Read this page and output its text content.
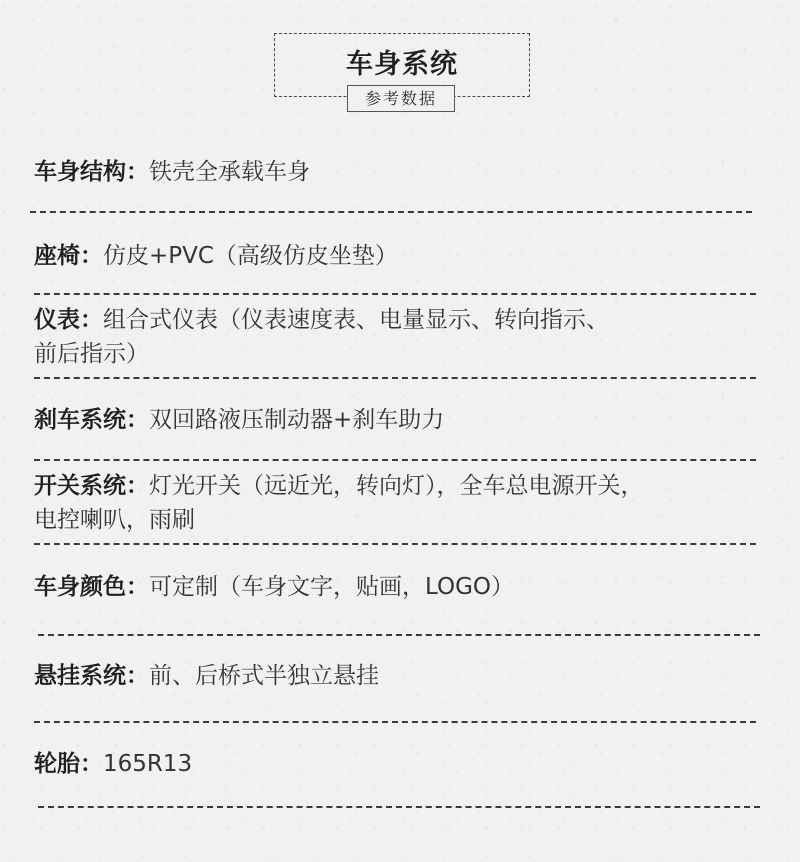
车身系统
参考数据
车身结构：铁壳全承载车身
座椅：仿皮+PVC（高级仿皮坐垫）
仪表：组合式仪表（仪表速度表、电量显示、转向指示、
前后指示）
刹车系统：双回路液压制动器+刹车助力
开关系统：灯光开关（远近光，转向灯），全车总电源开关，
电控喇叭，雨刷
车身颜色：可定制（车身文字，贴画，LOGO）
悬挂系统：前、后桥式半独立悬挂
轮胎：165R13
